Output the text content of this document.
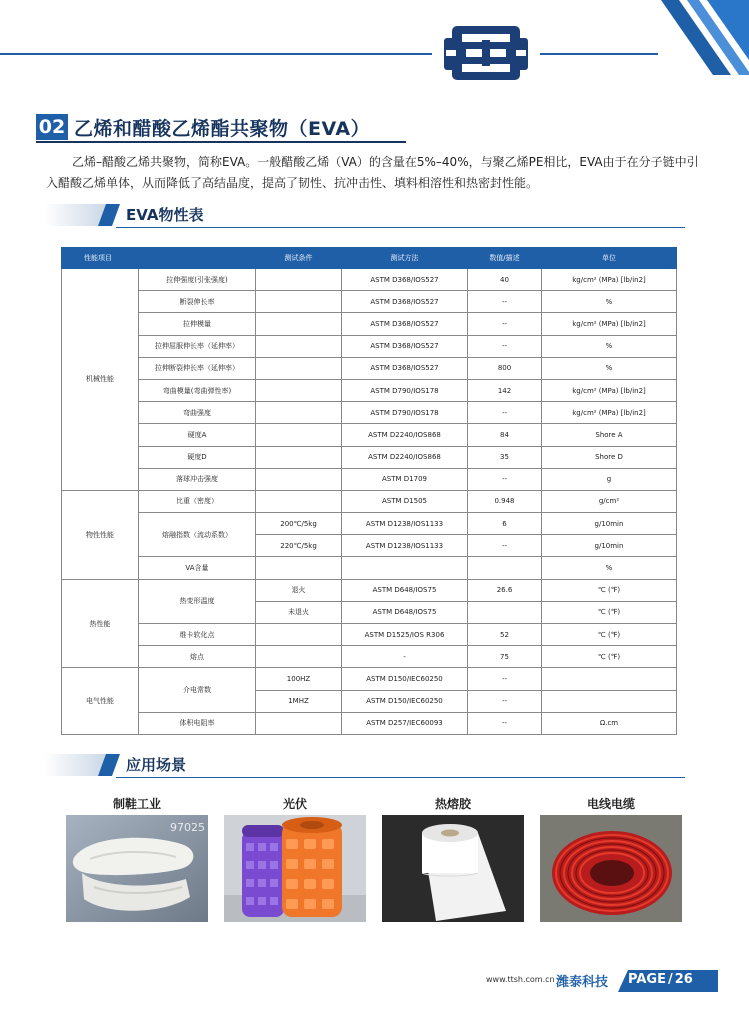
02 乙烯和醋酸乙烯酯共聚物（EVA）

乙烯–醋酸乙烯共聚物，简称EVA。一般醋酸乙烯（VA）的含量在5%–40%，与聚乙烯PE相比，EVA由于在分子链中引入醋酸乙烯单体，从而降低了高结晶度，提高了韧性、抗冲击性、填料相溶性和热密封性能。

EVA物性表
性能项目		测试条件	测试方法	数值/描述	单位
机械性能	拉伸强度(引张强度)		ASTM D368/IOS527	40	kg/cm² (MPa) [lb/in2]
	断裂伸长率		ASTM D368/IOS527	--	%
	拉伸模量		ASTM D368/IOS527	--	kg/cm² (MPa) [lb/in2]
	拉伸屈服伸长率（延伸率）		ASTM D368/IOS527	--	%
	拉伸断裂伸长率（延伸率）		ASTM D368/IOS527	800	%
	弯曲模量(弯曲弹性率)		ASTM D790/IOS178	142	kg/cm² (MPa) [lb/in2]
	弯曲强度		ASTM D790/IOS178	--	kg/cm² (MPa) [lb/in2]
	硬度A		ASTM D2240/IOS868	84	Shore A
	硬度D		ASTM D2240/IOS868	35	Shore D
	落球冲击强度		ASTM D1709	--	g
物性性能	比重（密度）		ASTM D1505	0.948	g/cm²
	熔融指数（流动系数）	200℃/5kg	ASTM D1238/IOS1133	6	g/10min
		220℃/5kg	ASTM D1238/IOS1133	--	g/10min
	VA含量				%
热性能	热变形温度	退火	ASTM D648/IOS75	26.6	℃ (℉)
		未退火	ASTM D648/IOS75		℃ (℉)
	维卡软化点		ASTM D1525/IOS R306	52	℃ (℉)
	熔点		-	75	℃ (℉)
电气性能	介电常数	100HZ	ASTM D150/IEC60250	--	
		1MHZ	ASTM D150/IEC60250	--	
	体积电阻率		ASTM D257/IEC60093	--	Ω.cm
应用场景
制鞋工业
97025
光伏	热熔胶	电线电缆
www.ttsh.com.cn 潍泰科技 PAGE / 26
